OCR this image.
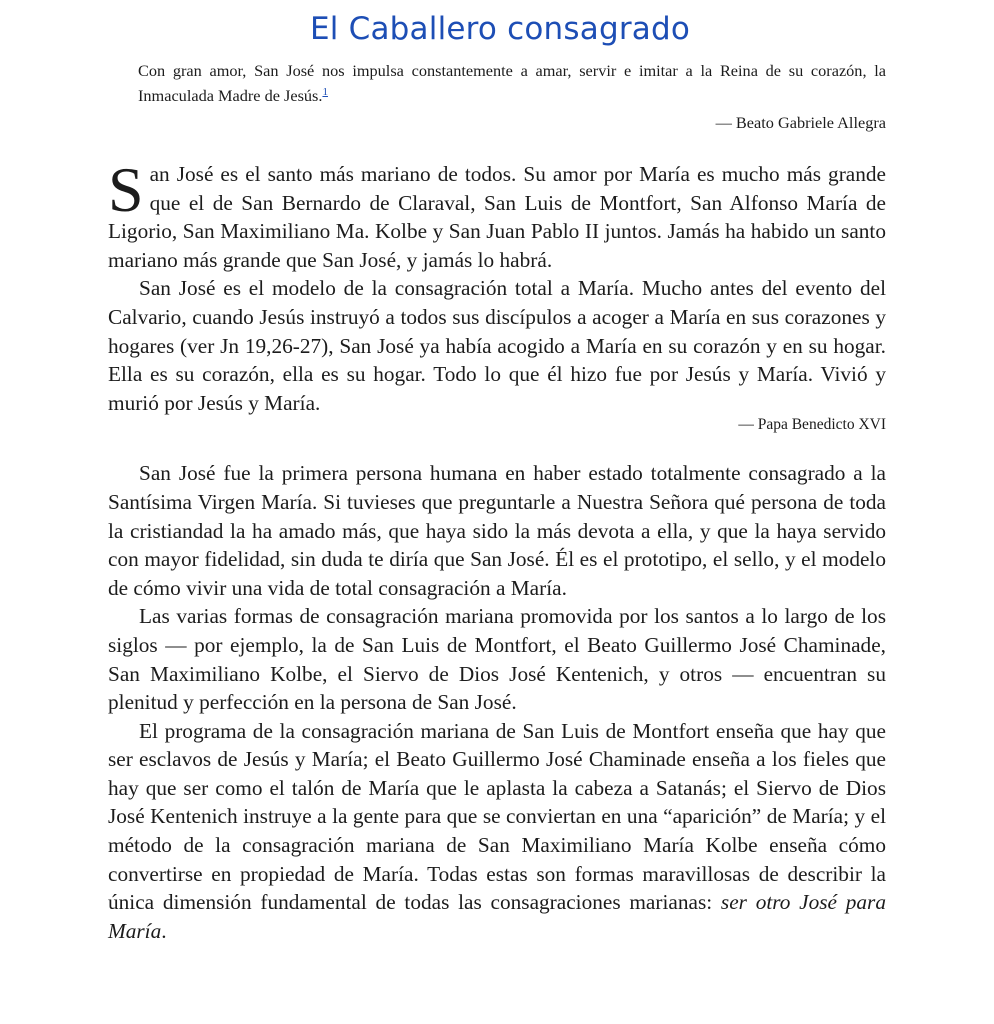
El Caballero consagrado

Con gran amor, San José nos impulsa constantemente a amar, servir e imitar a la Reina de su corazón, la Inmaculada Madre de Jesús.$^1$

— Beato Gabriele Allegra

San José es el santo más mariano de todos. Su amor por María es mucho más grande que el de San Bernardo de Claraval, San Luis de Montfort, San Alfonso María de Ligorio, San Maximiliano Ma. Kolbe y San Juan Pablo II juntos. Jamás ha habido un santo mariano más grande que San José, y jamás lo habrá.

San José es el modelo de la consagración total a María. Mucho antes del evento del Calvario, cuando Jesús instruyó a todos sus discípulos a acoger a María en sus corazones y hogares (ver Jn 19,26-27), San José ya había acogido a María en su corazón y en su hogar. Ella es su corazón, ella es su hogar. Todo lo que él hizo fue por Jesús y María. Vivió y murió por Jesús y María.

— Papa Benedicto XVI

San José fue la primera persona humana en haber estado totalmente consagrado a la Santísima Virgen María. Si tuvieses que preguntarle a Nuestra Señora qué persona de toda la cristiandad la ha amado más, que haya sido la más devota a ella, y que la haya servido con mayor fidelidad, sin duda te diría que San José. Él es el prototipo, el sello, y el modelo de cómo vivir una vida de total consagración a María.

Las varias formas de consagración mariana promovida por los santos a lo largo de los siglos — por ejemplo, la de San Luis de Montfort, el Beato Guillermo José Chaminade, San Maximiliano Kolbe, el Siervo de Dios José Kentenich, y otros — encuentran su plenitud y perfección en la persona de San José.

El programa de la consagración mariana de San Luis de Montfort enseña que hay que ser esclavos de Jesús y María; el Beato Guillermo José Chaminade enseña a los fieles que hay que ser como el talón de María que le aplasta la cabeza a Satanás; el Siervo de Dios José Kentenich instruye a la gente para que se conviertan en una “aparición” de María; y el método de la consagración mariana de San Maximiliano María Kolbe enseña cómo convertirse en propiedad de María. Todas estas son formas maravillosas de describir la única dimensión fundamental de todas las consagraciones marianas: ser otro José para María.
